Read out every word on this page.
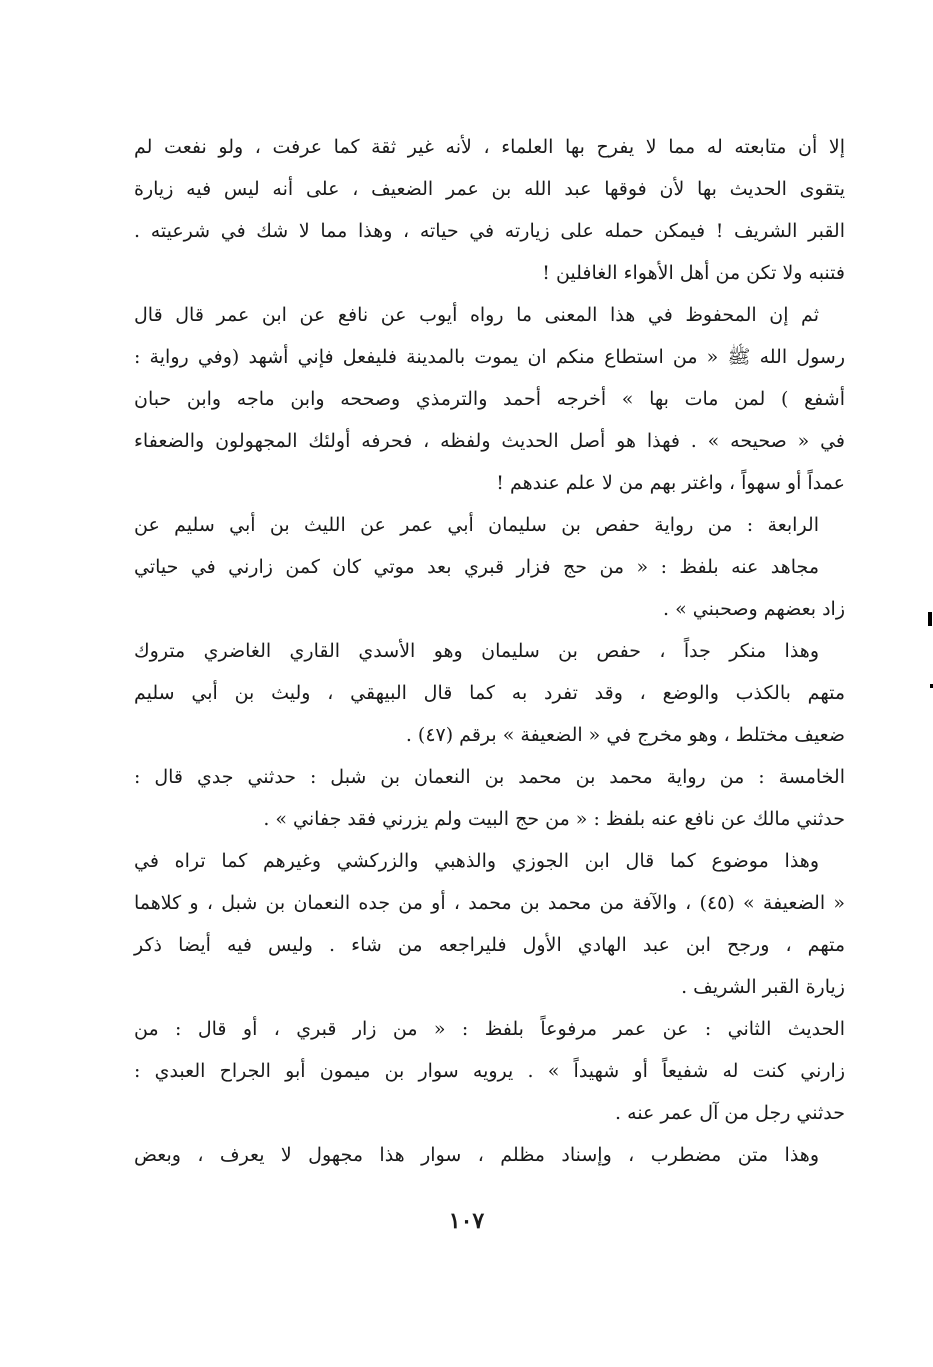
إلا أن متابعته له مما لا يفرح بها العلماء ، لأنه غير ثقة كما عرفت ، ولو نفعت لم
يتقوى الحديث بها لأن فوقها عبد الله بن عمر الضعيف ، على أنه ليس فيه زيارة
القبر الشريف ! فيمكن حمله على زيارته في حياته ، وهذا مما لا شك في شرعيته .
فتنبه ولا تكن من أهل الأهواء الغافلين !
ثم إن المحفوظ في هذا المعنى ما رواه أيوب عن نافع عن ابن عمر قال قال
رسول الله ﷺ « من استطاع منكم ان يموت بالمدينة فليفعل فإني أشهد (وفي رواية :
أشفع ) لمن مات بها » أخرجه أحمد والترمذي وصححه وابن ماجه وابن حبان
في « صحيحه » . فهذا هو أصل الحديث ولفظه ، فحرفه أولئك المجهولون والضعفاء
عمداً أو سهواً ، واغتر بهم من لا علم عندهم !
الرابعة : من رواية حفص بن سليمان أبي عمر عن الليث بن أبي سليم عن
مجاهد عنه بلفظ : « من حج فزار قبري بعد موتي كان كمن زارني في حياتي
زاد بعضهم وصحبني » .
وهذا منكر جداً ، حفص بن سليمان وهو الأسدي القاري الغاضري متروك
متهم بالكذب والوضع ، وقد تفرد به كما قال البيهقي ، وليث بن أبي سليم
ضعيف مختلط ، وهو مخرج في « الضعيفة » برقم (٤٧) .
الخامسة : من رواية محمد بن محمد بن النعمان بن شبل : حدثني جدي قال :
حدثني مالك عن نافع عنه بلفظ : « من حج البيت ولم يزرني فقد جفاني » .
وهذا موضوع كما قال ابن الجوزي والذهبي والزركشي وغيرهم كما تراه في
« الضعيفة » (٤٥) ، والآفة من محمد بن محمد ، أو من جده النعمان بن شبل ، و كلاهما
متهم ، ورجح ابن عبد الهادي الأول فليراجعه من شاء . وليس فيه أيضا ذكر
زيارة القبر الشريف .
الحديث الثاني : عن عمر مرفوعاً بلفظ : « من زار قبري ، أو قال : من
زارني كنت له شفيعاً أو شهيداً » . يرويه سوار بن ميمون أبو الجراح العبدي :
حدثني رجل من آل عمر عنه .
وهذا متن مضطرب ، وإسناد مظلم ، سوار هذا مجهول لا يعرف ، وبعض
١٠٧
